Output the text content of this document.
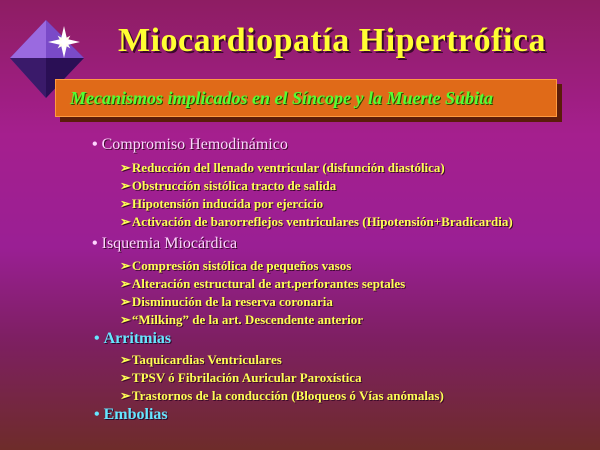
Miocardiopatía Hipertrófica
Mecanismos implicados en el Síncope y la Muerte Súbita
• Compromiso Hemodinámico
➢Reducción del llenado ventricular (disfunción diastólica)
➢Obstrucción sistólica tracto de salida
➢Hipotensión inducida por ejercicio
➢Activación de barorreflejos ventriculares (Hipotensión+Bradicardia)
• Isquemia Miocárdica
➢Compresión sistólica de pequeños vasos
➢Alteración estructural de art.perforantes septales
➢Disminución de la reserva coronaria
➢“Milking” de la art. Descendente anterior
• Arritmias
➢Taquicardias Ventriculares
➢TPSV ó Fibrilación Auricular Paroxística
➢Trastornos de la conducción (Bloqueos ó Vías anómalas)
• Embolias
